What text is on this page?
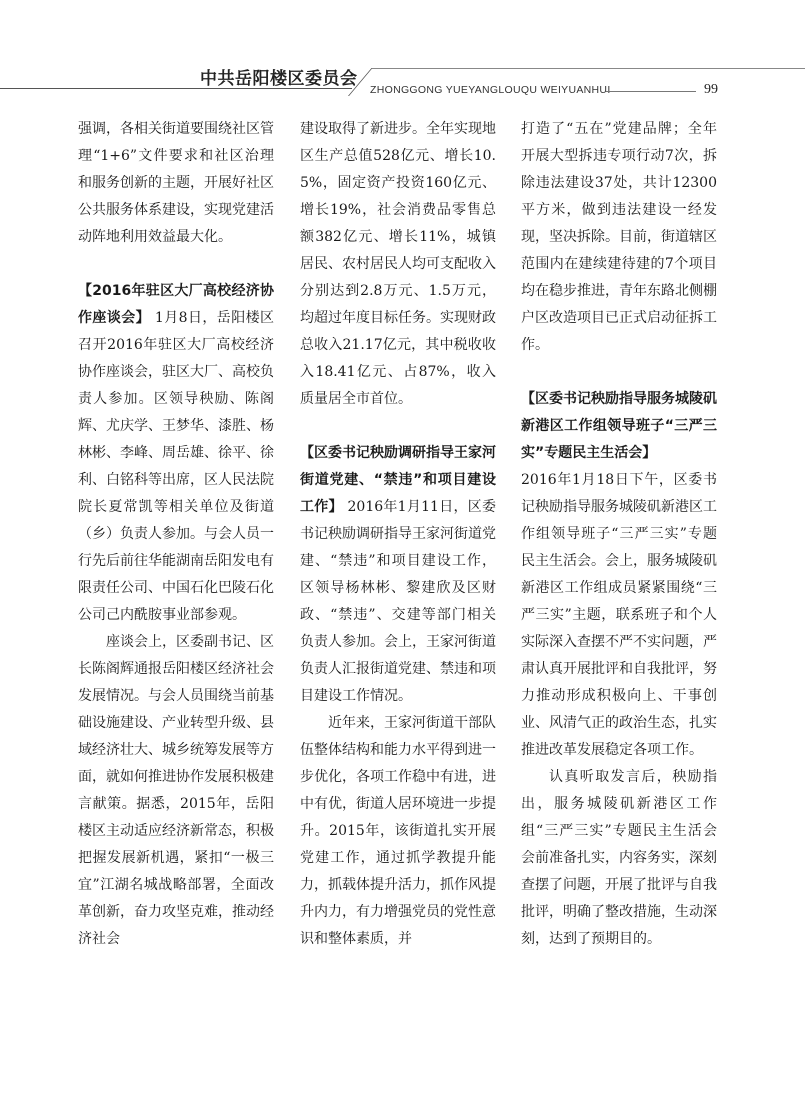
中共岳阳楼区委员会
ZHONGGONG YUEYANGLOUQU WEIYUANHUI	99

强调，各相关街道要围绕社区管理“1+6”文件要求和社区治理和服务创新的主题，开展好社区公共服务体系建设，实现党建活动阵地利用效益最大化。

【2016年驻区大厂高校经济协作座谈会】 1月8日，岳阳楼区召开2016年驻区大厂高校经济协作座谈会，驻区大厂、高校负责人参加。区领导秧励、陈阁辉、尤庆学、王梦华、漆胜、杨林彬、李峰、周岳雄、徐平、徐利、白铭科等出席，区人民法院院长夏常凯等相关单位及街道（乡）负责人参加。与会人员一行先后前往华能湖南岳阳发电有限责任公司、中国石化巴陵石化公司己内酰胺事业部参观。

座谈会上，区委副书记、区长陈阁辉通报岳阳楼区经济社会发展情况。与会人员围绕当前基础设施建设、产业转型升级、县域经济壮大、城乡统筹发展等方面，就如何推进协作发展积极建言献策。据悉，2015年，岳阳楼区主动适应经济新常态，积极把握发展新机遇，紧扣“一极三宜”江湖名城战略部署，全面改革创新，奋力攻坚克难，推动经济社会

建设取得了新进步。全年实现地区生产总值528亿元、增长10.5%，固定资产投资160亿元、增长19%，社会消费品零售总额382亿元、增长11%，城镇居民、农村居民人均可支配收入分别达到2.8万元、1.5万元，均超过年度目标任务。实现财政总收入21.17亿元，其中税收收入18.41亿元、占87%，收入质量居全市首位。

【区委书记秧励调研指导王家河街道党建、“禁违”和项目建设工作】 2016年1月11日，区委书记秧励调研指导王家河街道党建、“禁违”和项目建设工作，区领导杨林彬、黎建欣及区财政、“禁违”、交建等部门相关负责人参加。会上，王家河街道负责人汇报街道党建、禁违和项目建设工作情况。

近年来，王家河街道干部队伍整体结构和能力水平得到进一步优化，各项工作稳中有进，进中有优，街道人居环境进一步提升。2015年，该街道扎实开展党建工作，通过抓学教提升能力，抓载体提升活力，抓作风提升内力，有力增强党员的党性意识和整体素质，并

打造了“五在”党建品牌；全年开展大型拆违专项行动7次，拆除违法建设37处，共计12300平方米，做到违法建设一经发现，坚决拆除。目前，街道辖区范围内在建续建待建的7个项目均在稳步推进，青年东路北侧棚户区改造项目已正式启动征拆工作。

【区委书记秧励指导服务城陵矶新港区工作组领导班子“三严三实”专题民主生活会】

2016年1月18日下午，区委书记秧励指导服务城陵矶新港区工作组领导班子“三严三实”专题民主生活会。会上，服务城陵矶新港区工作组成员紧紧围绕“三严三实”主题，联系班子和个人实际深入查摆不严不实问题，严肃认真开展批评和自我批评，努力推动形成积极向上、干事创业、风清气正的政治生态，扎实推进改革发展稳定各项工作。

认真听取发言后，秧励指出，服务城陵矶新港区工作组“三严三实”专题民主生活会会前准备扎实，内容务实，深刻查摆了问题，开展了批评与自我批评，明确了整改措施，生动深刻，达到了预期目的。
